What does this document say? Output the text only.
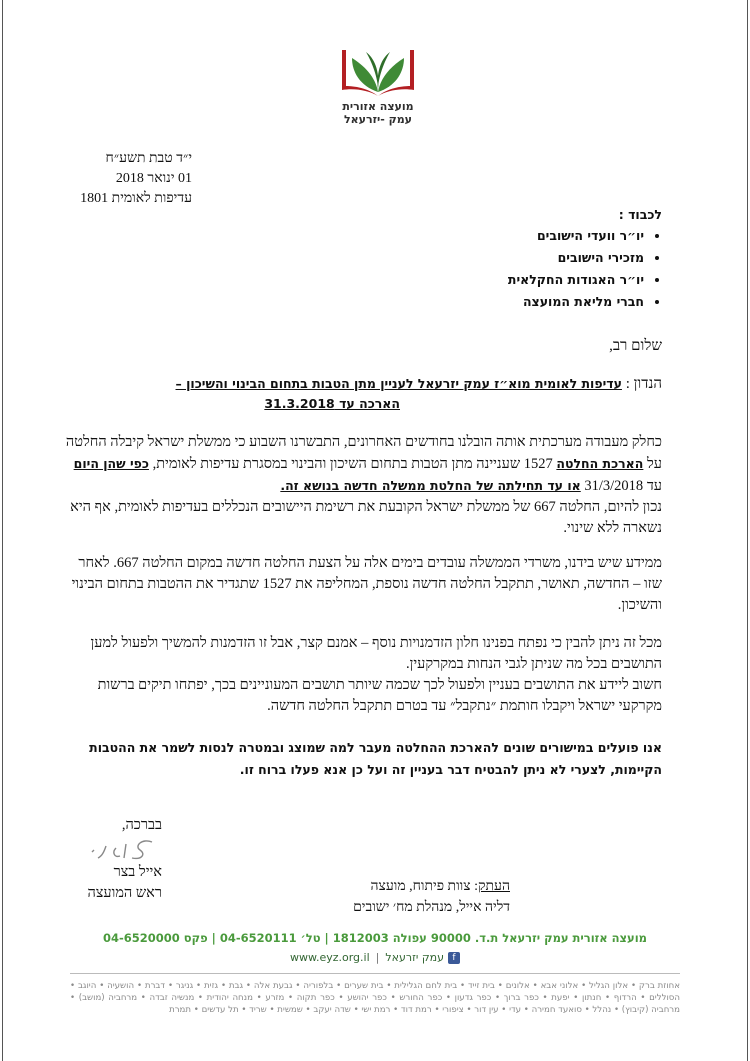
מועצה אזורית
עמק -יזרעאל
י״ד טבת תשע״ח
01 ינואר 2018
עדיפות לאומית 1801
לכבוד :
• יו״ר וועדי הישובים
• מזכירי הישובים
• יו״ר האגודות החקלאית
• חברי מליאת המועצה
שלום רב,
הנדון : עדיפות לאומית מוא״ז עמק יזרעאל לעניין מתן הטבות בתחום הבינוי והשיכון –
הארכה עד 31.3.2018
כחלק מעבודה מערכתית אותה הובלנו בחודשים האחרונים, התבשרנו השבוע כי ממשלת ישראל קיבלה החלטה על הארכת החלטה 1527 שעניינה מתן הטבות בתחום השיכון והבינוי במסגרת עדיפות לאומית, כפי שהן היום עד 31/3/2018 או עד תחילתה של החלטת ממשלה חדשה בנושא זה.
נכון להיום, החלטה 667 של ממשלת ישראל הקובעת את רשימת היישובים הנכללים בעדיפות לאומית, אף היא נשארה ללא שינוי.
ממידע שיש בידנו, משרדי הממשלה עובדים בימים אלה על הצעת החלטה חדשה במקום החלטה 667. לאחר שזו – החדשה, תאושר, תתקבל החלטה חדשה נוספת, המחליפה את 1527 שתגדיר את ההטבות בתחום הבינוי והשיכון.
מכל זה ניתן להבין כי נפתח בפנינו חלון הזדמנויות נוסף – אמנם קצר, אבל זו הזדמנות להמשיך ולפעול למען התושבים בכל מה שניתן לגבי הנחות במקרקעין.
חשוב ליידע את התושבים בעניין ולפעול לכך שכמה שיותר תושבים המעוניינים בכך, יפתחו תיקים ברשות מקרקעי ישראל ויקבלו חותמת ״נתקבל״ עד בטרם תתקבל החלטה חדשה.
אנו פועלים במישורים שונים להארכת ההחלטה מעבר למה שמוצג ובמטרה לנסות לשמר את ההטבות הקיימות, לצערי לא ניתן להבטיח דבר בעניין זה ועל כן אנא פעלו ברוח זו.
בברכה,
אייל בצר
ראש המועצה	העתק: צוות פיתוח, מועצה
דליה אייל, מנהלת מח׳ ישובים
מועצה אזורית עמק יזרעאל ת.ד. 90000 עפולה 1812003 | טל׳ 04-6520111 | פקס 04-6520000
fעמק יזרעאל|www.eyz.org.il
אחוזת ברק • אלון הגליל • אלוני אבא • אלונים • בית זייד • בית לחם הגלילית • בית שערים • בלפוריה • גבעת אלה • גבת • גזית • גניגר • דברת • הושעיה • היוגב • הסוללים • הרדוף • חנתון • יפעת • כפר ברוך • כפר גדעון • כפר החורש • כפר יהושע • כפר תקוה • מזרע • מנחה יהודית • מנשיה זבדה • מרחביה (מושב) • מרחביה (קיבוץ) • נהלל • סואעד חמירה • עדי • עין דור • ציפורי • רמת דוד • רמת ישי • שדה יעקב • שמשית • שריד • תל עדשים • תמרת
